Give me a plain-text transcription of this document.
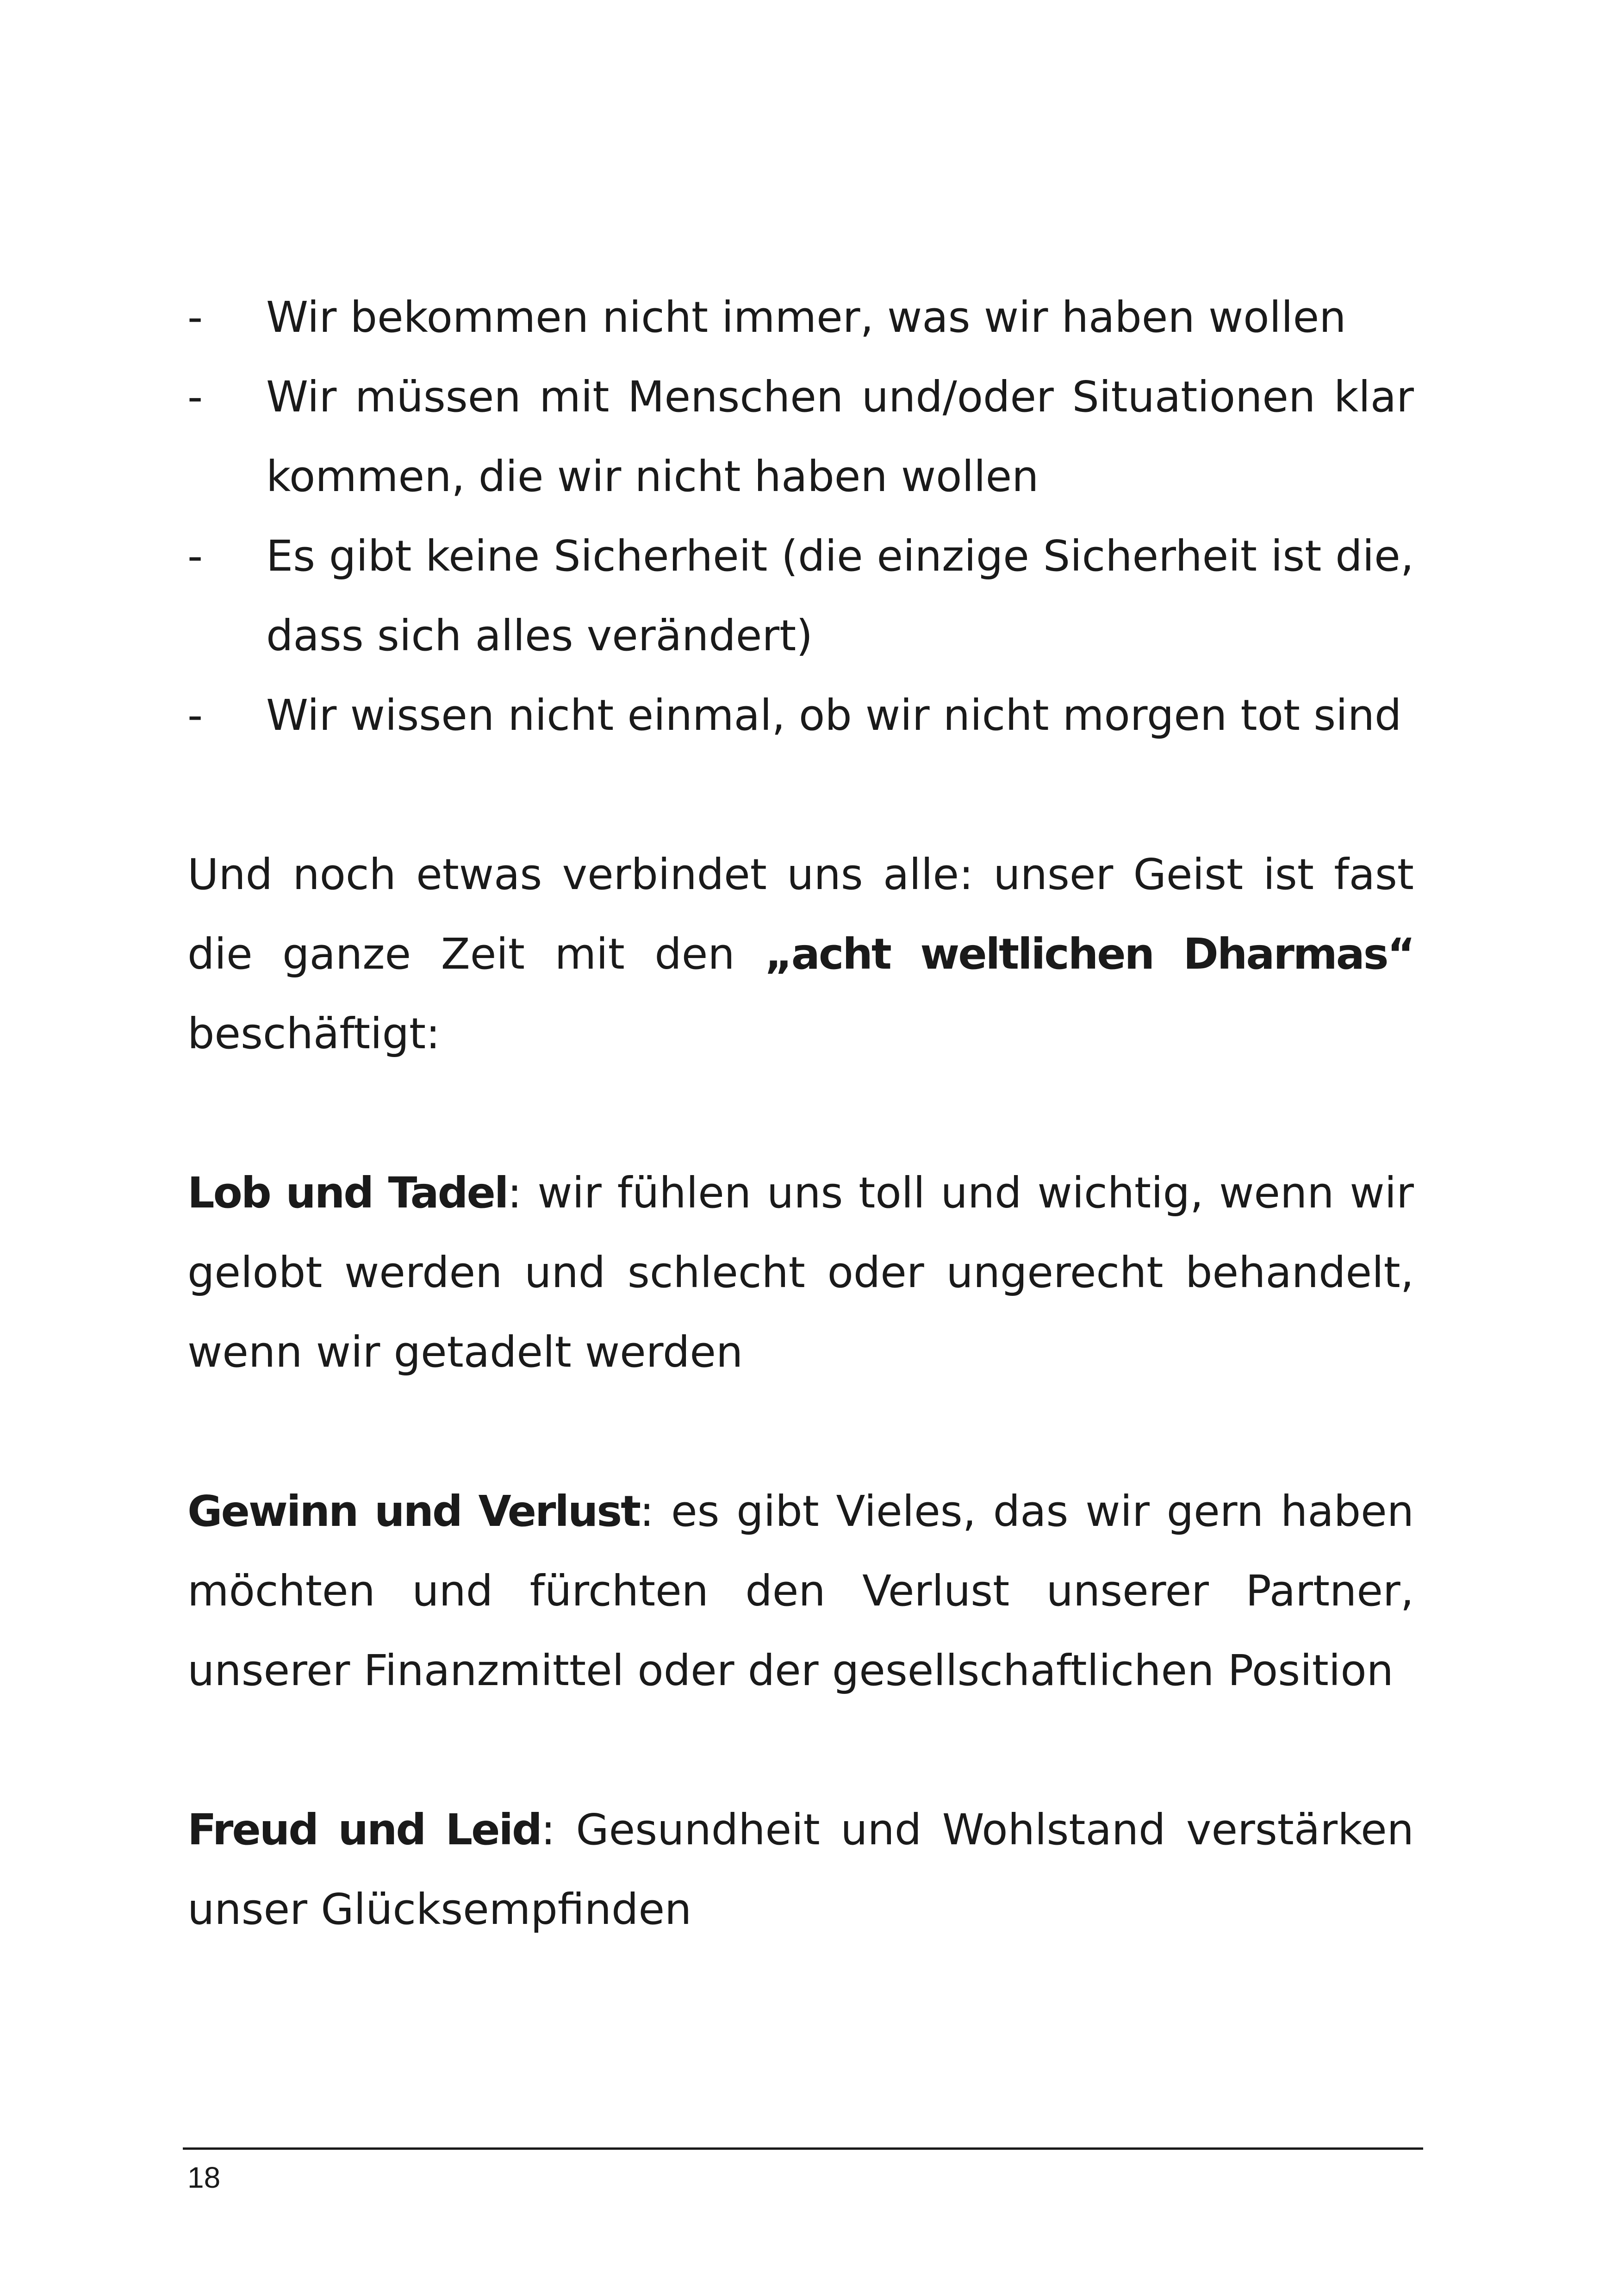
- Wir bekommen nicht immer, was wir haben wollen
- Wir müssen mit Menschen und/oder Situationen klar kommen, die wir nicht haben wollen
- Es gibt keine Sicherheit (die einzige Sicherheit ist die, dass sich alles verändert)
- Wir wissen nicht einmal, ob wir nicht morgen tot sind

Und noch etwas verbindet uns alle: unser Geist ist fast die ganze Zeit mit den „acht weltlichen Dharmas“ beschäftigt:

Lob und Tadel: wir fühlen uns toll und wichtig, wenn wir gelobt werden und schlecht oder ungerecht behandelt, wenn wir getadelt werden

Gewinn und Verlust: es gibt Vieles, das wir gern haben möchten und fürchten den Verlust unserer Partner, unserer Finanzmittel oder der gesellschaftlichen Position

Freud und Leid: Gesundheit und Wohlstand verstärken unser Glücksempfinden

18
